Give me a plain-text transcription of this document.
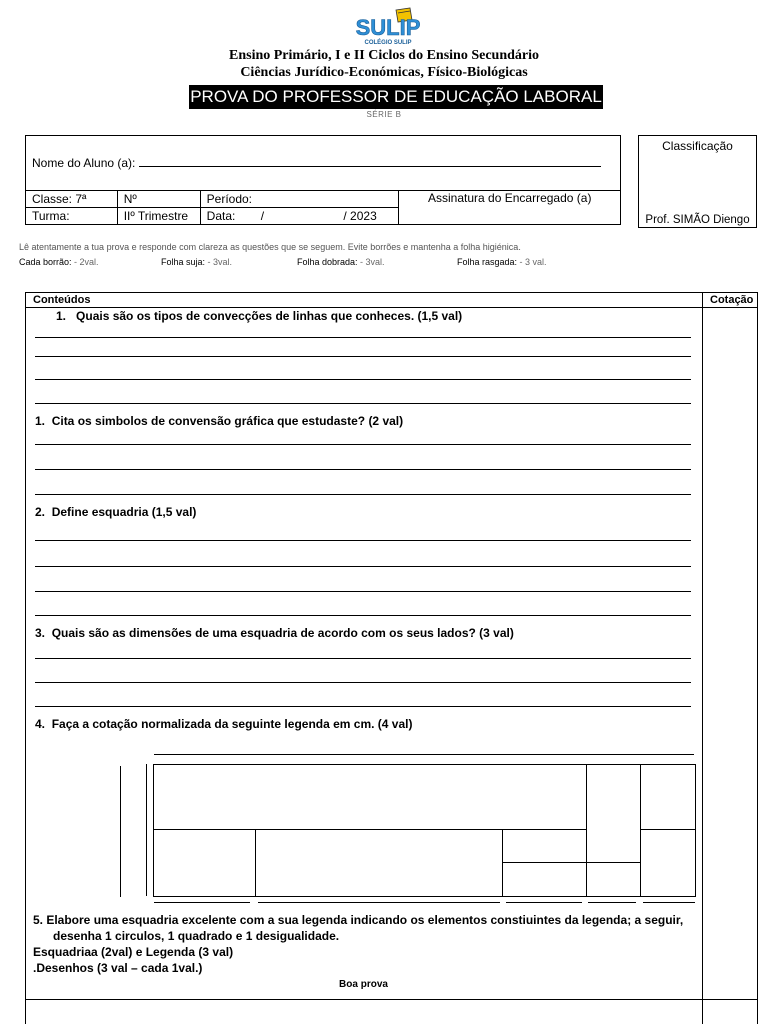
SULIP
COLÉGIO SULIP
Ensino Primário, I e II Ciclos do Ensino Secundário
Ciências Jurídico-Económicas, Físico-Biológicas
PROVA DO PROFESSOR DE EDUCAÇÃO LABORAL
SÉRIE B
Nome do Aluno (a):			
Classe: 7ª	Nº	Período:	Assinatura do Encarregado (a)
Turma:	IIº Trimestre	Data: / / 2023	
Classificação
Prof. SIMÃO Diengo
Lê atentamente a tua prova e responde com clareza as questões que se seguem. Evite borrões e mantenha a folha higiénica.
Cada borrão: - 2val.	Folha suja: - 3val.	Folha dobrada: - 3val.	Folha rasgada: - 3 val.
Conteúdos	Cotação
1. Quais são os tipos de convecções de linhas que conheces. (1,5 val)
1. Cita os simbolos de convensão gráfica que estudaste? (2 val)
2. Define esquadria (1,5 val)
3. Quais são as dimensões de uma esquadria de acordo com os seus lados? (3 val)
4. Faça a cotação normalizada da seguinte legenda em cm. (4 val)
5. Elabore uma esquadria excelente com a sua legenda indicando os elementos constiuintes da legenda; a seguir,
desenha 1 circulos, 1 quadrado e 1 desigualidade.
Esquadriaa (2val) e Legenda (3 val)
.Desenhos (3 val – cada 1val.)
Boa prova
